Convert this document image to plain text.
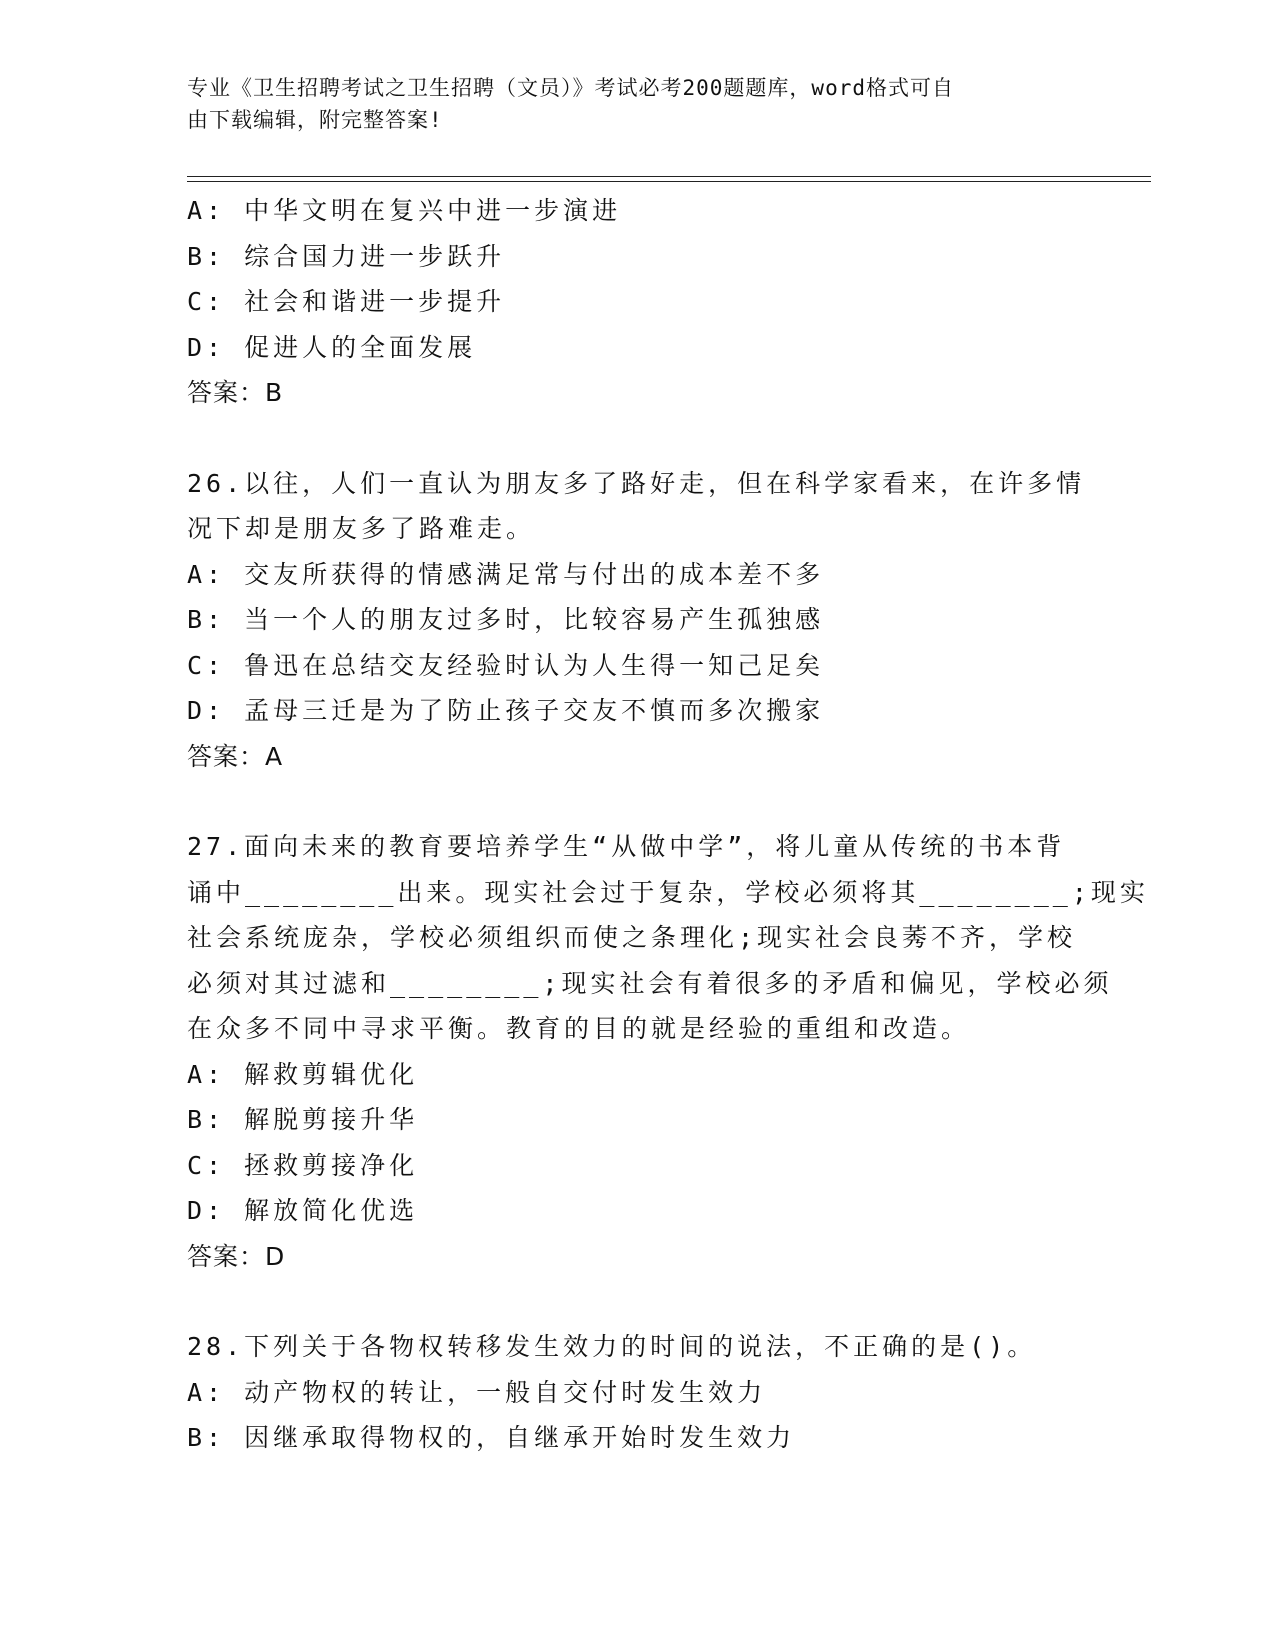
专业《卫生招聘考试之卫生招聘（文员）》考试必考200题题库，word格式可自
由下载编辑，附完整答案!
A: 中华文明在复兴中进一步演进
B: 综合国力进一步跃升
C: 社会和谐进一步提升
D: 促进人的全面发展
答案：B
26.以往，人们一直认为朋友多了路好走，但在科学家看来，在许多情
况下却是朋友多了路难走。
A: 交友所获得的情感满足常与付出的成本差不多
B: 当一个人的朋友过多时，比较容易产生孤独感
C: 鲁迅在总结交友经验时认为人生得一知己足矣
D: 孟母三迁是为了防止孩子交友不慎而多次搬家
答案：A
27.面向未来的教育要培养学生“从做中学”，将儿童从传统的书本背
诵中________出来。现实社会过于复杂，学校必须将其________;现实
社会系统庞杂，学校必须组织而使之条理化;现实社会良莠不齐，学校
必须对其过滤和________;现实社会有着很多的矛盾和偏见，学校必须
在众多不同中寻求平衡。教育的目的就是经验的重组和改造。
A: 解救剪辑优化
B: 解脱剪接升华
C: 拯救剪接净化
D: 解放简化优选
答案：D
28.下列关于各物权转移发生效力的时间的说法，不正确的是()。
A: 动产物权的转让，一般自交付时发生效力
B: 因继承取得物权的，自继承开始时发生效力
